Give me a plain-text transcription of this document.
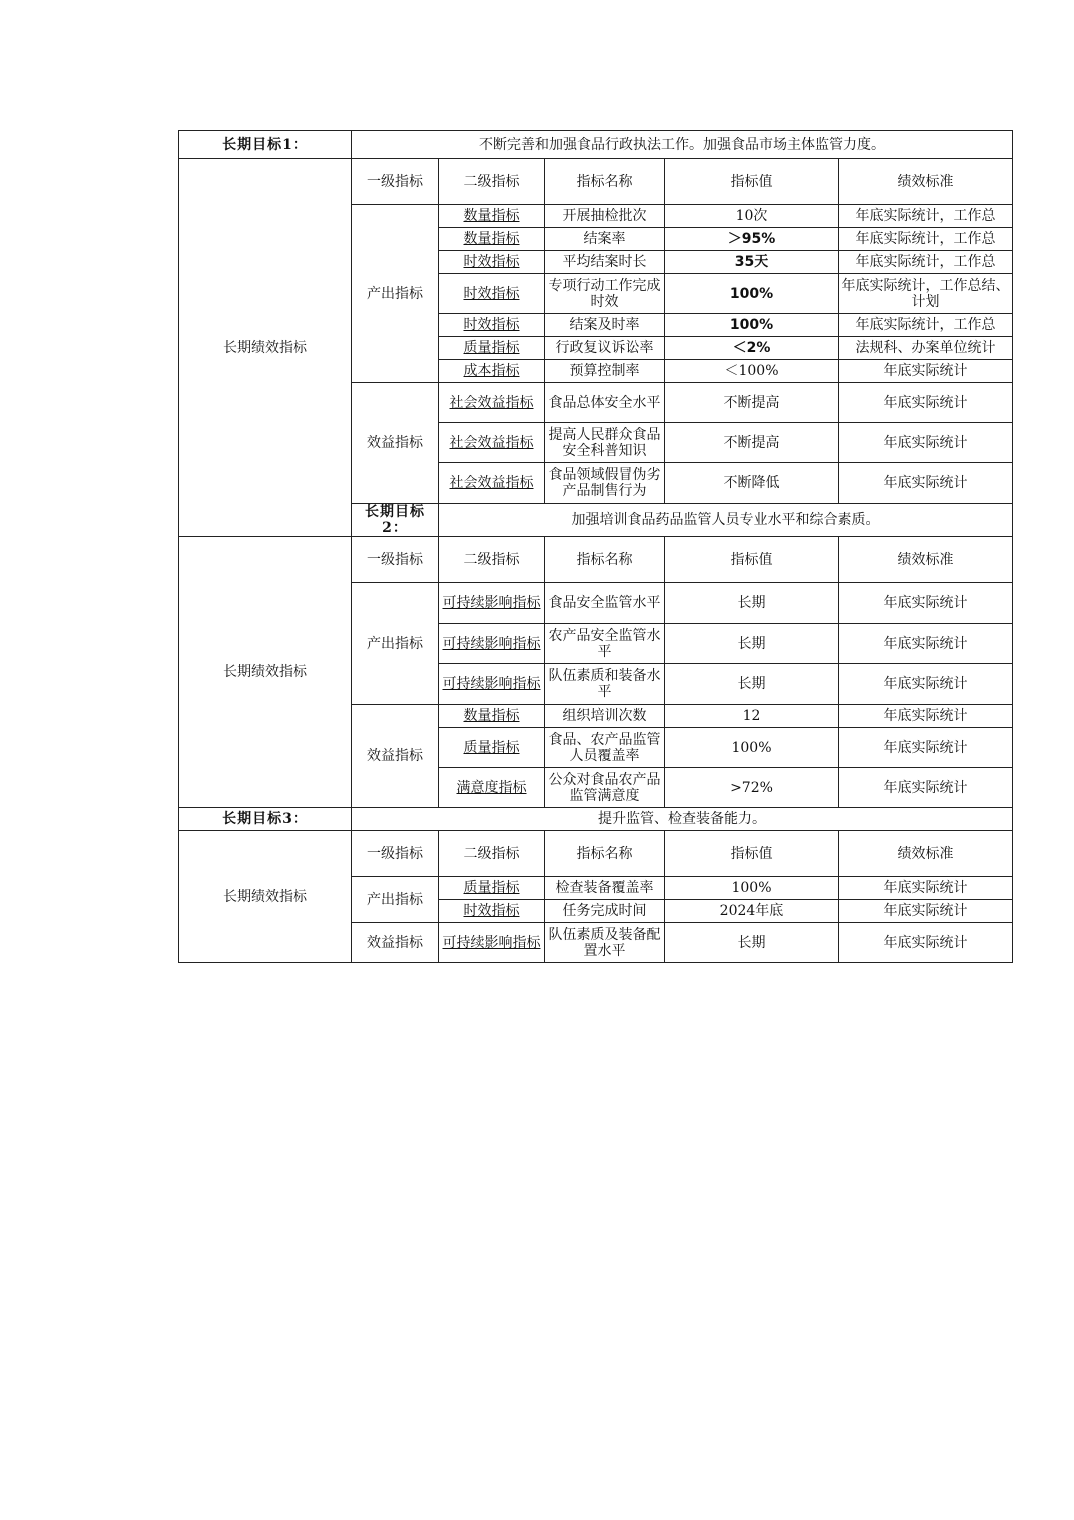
长期目标1：	不断完善和加强食品行政执法工作。加强食品市场主体监管力度。				
长期绩效指标	一级指标	二级指标	指标名称	指标值	绩效标准
	产出指标	数量指标	开展抽检批次	10次	年底实际统计，工作总
		数量指标	结案率	＞95%	年底实际统计，工作总
		时效指标	平均结案时长	35天	年底实际统计，工作总
		时效指标	专项行动工作完成时效	100%	年底实际统计，工作总结、计划
		时效指标	结案及时率	100%	年底实际统计，工作总
		质量指标	行政复议诉讼率	＜2%	法规科、办案单位统计
		成本指标	预算控制率	＜100%	年底实际统计
	效益指标	社会效益指标	食品总体安全水平	不断提高	年底实际统计
		社会效益指标	提高人民群众食品安全科普知识	不断提高	年底实际统计
		社会效益指标	食品领域假冒伪劣产品制售行为	不断降低	年底实际统计
	长期目标2：	加强培训食品药品监管人员专业水平和综合素质。			
长期绩效指标	一级指标	二级指标	指标名称	指标值	绩效标准
	产出指标	可持续影响指标	食品安全监管水平	长期	年底实际统计
		可持续影响指标	农产品安全监管水平	长期	年底实际统计
		可持续影响指标	队伍素质和装备水平	长期	年底实际统计
	效益指标	数量指标	组织培训次数	12	年底实际统计
		质量指标	食品、农产品监管人员覆盖率	100%	年底实际统计
		满意度指标	公众对食品农产品监管满意度	>72%	年底实际统计
长期目标3：	提升监管、检查装备能力。				
长期绩效指标	一级指标	二级指标	指标名称	指标值	绩效标准
	产出指标	质量指标	检查装备覆盖率	100%	年底实际统计
		时效指标	任务完成时间	2024年底	年底实际统计
	效益指标	可持续影响指标	队伍素质及装备配置水平	长期	年底实际统计
